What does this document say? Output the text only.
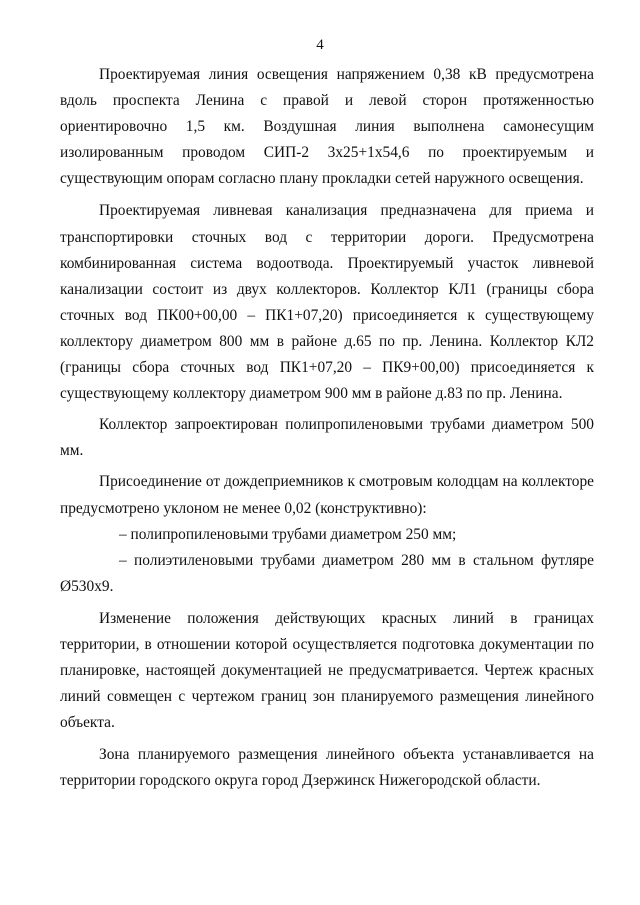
4

Проектируемая линия освещения напряжением 0,38 кВ предусмотрена вдоль проспекта Ленина с правой и левой сторон протяженностью ориентировочно 1,5 км. Воздушная линия выполнена самонесущим изолированным проводом СИП-2 3х25+1х54,6 по проектируемым и существующим опорам согласно плану прокладки сетей наружного освещения.

Проектируемая ливневая канализация предназначена для приема и транспортировки сточных вод с территории дороги. Предусмотрена комбинированная система водоотвода. Проектируемый участок ливневой канализации состоит из двух коллекторов. Коллектор КЛ1 (границы сбора сточных вод ПК00+00,00 – ПК1+07,20) присоединяется к существующему коллектору диаметром 800 мм в районе д.65 по пр. Ленина. Коллектор КЛ2 (границы сбора сточных вод ПК1+07,20 – ПК9+00,00) присоединяется к существующему коллектору диаметром 900 мм в районе д.83 по пр. Ленина.

Коллектор запроектирован полипропиленовыми трубами диаметром 500 мм.

Присоединение от дождеприемников к смотровым колодцам на коллекторе предусмотрено уклоном не менее 0,02 (конструктивно):

– полипропиленовыми трубами диаметром 250 мм;

– полиэтиленовыми трубами диаметром 280 мм в стальном футляре Ø530х9.

Изменение положения действующих красных линий в границах территории, в отношении которой осуществляется подготовка документации по планировке, настоящей документацией не предусматривается. Чертеж красных линий совмещен с чертежом границ зон планируемого размещения линейного объекта.

Зона планируемого размещения линейного объекта устанавливается на территории городского округа город Дзержинск Нижегородской области.
